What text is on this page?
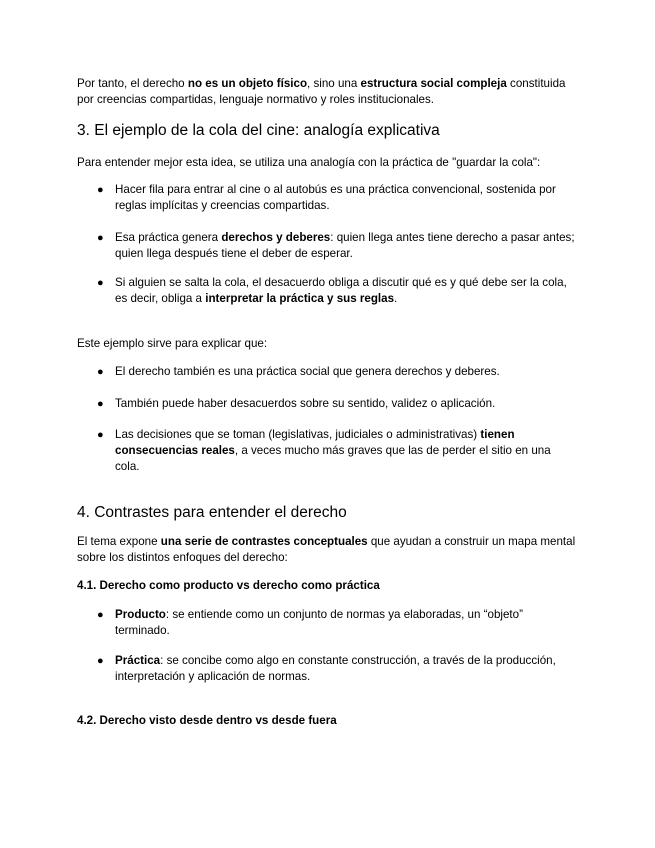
Por tanto, el derecho no es un objeto físico, sino una estructura social compleja constituida por creencias compartidas, lenguaje normativo y roles institucionales.

3. El ejemplo de la cola del cine: analogía explicativa

Para entender mejor esta idea, se utiliza una analogía con la práctica de "guardar la cola":

● Hacer fila para entrar al cine o al autobús es una práctica convencional, sostenida por reglas implícitas y creencias compartidas.

● Esa práctica genera derechos y deberes: quien llega antes tiene derecho a pasar antes; quien llega después tiene el deber de esperar.

● Si alguien se salta la cola, el desacuerdo obliga a discutir qué es y qué debe ser la cola, es decir, obliga a interpretar la práctica y sus reglas.

Este ejemplo sirve para explicar que:

● El derecho también es una práctica social que genera derechos y deberes.

● También puede haber desacuerdos sobre su sentido, validez o aplicación.

● Las decisiones que se toman (legislativas, judiciales o administrativas) tienen consecuencias reales, a veces mucho más graves que las de perder el sitio en una cola.

4. Contrastes para entender el derecho

El tema expone una serie de contrastes conceptuales que ayudan a construir un mapa mental sobre los distintos enfoques del derecho:

4.1. Derecho como producto vs derecho como práctica

● Producto: se entiende como un conjunto de normas ya elaboradas, un “objeto” terminado.

● Práctica: se concibe como algo en constante construcción, a través de la producción, interpretación y aplicación de normas.

4.2. Derecho visto desde dentro vs desde fuera
